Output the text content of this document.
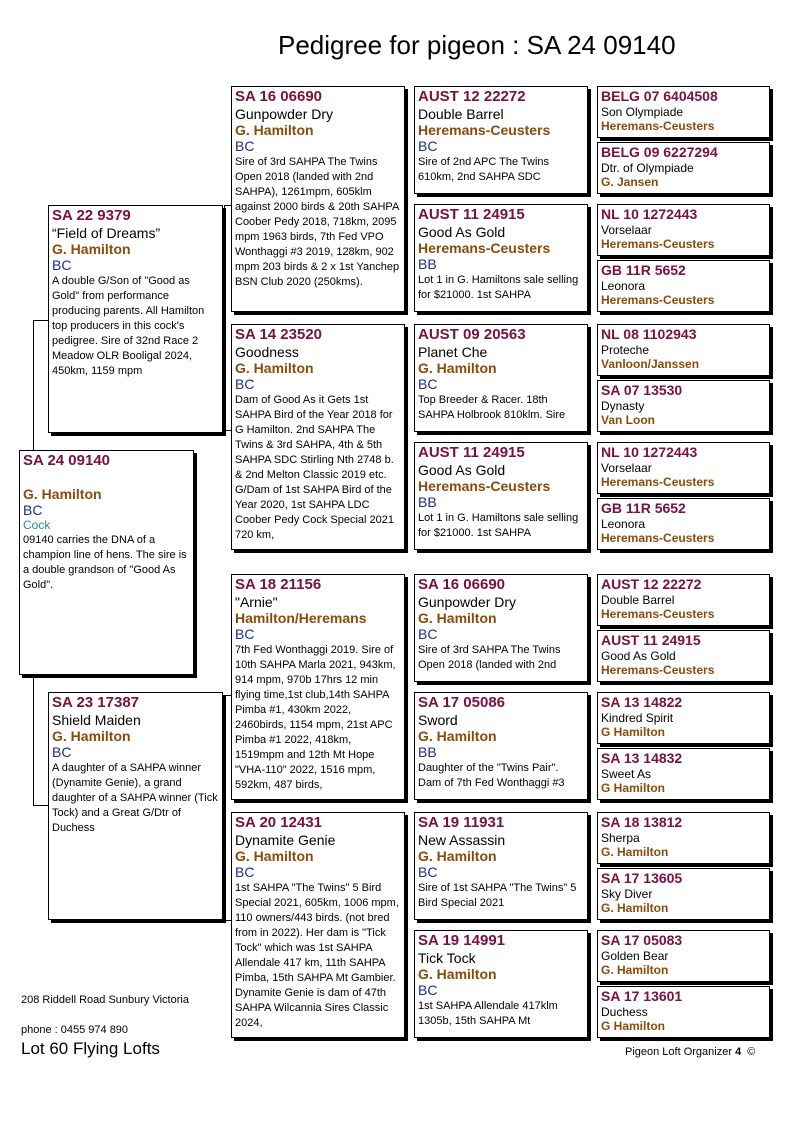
Pedigree for pigeon : SA 24 09140
SA 24 09140
G. Hamilton
BC
Cock
09140 carries the DNA of a champion line of hens. The sire is a double grandson of "Good As Gold".
SA 22 9379
“Field of Dreams”
G. Hamilton
BC
A double G/Son of "Good as Gold" from performance producing parents. All Hamilton top producers in this cock's pedigree. Sire of 32nd Race 2 Meadow OLR Booligal 2024, 450km, 1159 mpm
SA 23 17387
Shield Maiden
G. Hamilton
BC
A daughter of a SAHPA winner (Dynamite Genie), a grand daughter of a SAHPA winner (Tick Tock) and a Great G/Dtr of Duchess
SA 16 06690
Gunpowder Dry
G. Hamilton
BC
Sire of 3rd SAHPA The Twins Open 2018 (landed with 2nd SAHPA), 1261mpm, 605klm against 2000 birds & 20th SAHPA Coober Pedy 2018, 718km, 2095 mpm 1963 birds, 7th Fed VPO Wonthaggi #3 2019, 128km, 902 mpm 203 birds & 2 x 1st Yanchep BSN Club 2020 (250kms).
SA 14 23520
Goodness
G. Hamilton
BC
Dam of Good As it Gets 1st SAHPA Bird of the Year 2018 for G Hamilton. 2nd SAHPA The Twins & 3rd SAHPA, 4th & 5th SAHPA SDC Stirling Nth 2748 b. & 2nd Melton Classic 2019 etc. G/Dam of 1st SAHPA Bird of the Year 2020, 1st SAHPA LDC Coober Pedy Cock Special 2021 720 km,
SA 18 21156
"Arnie"
Hamilton/Heremans
BC
7th Fed Wonthaggi 2019. Sire of 10th SAHPA Marla 2021, 943km, 914 mpm, 970b 17hrs 12 min flying time,1st club,14th SAHPA Pimba #1, 430km 2022, 2460birds, 1154 mpm, 21st APC Pimba #1 2022, 418km, 1519mpm and 12th Mt Hope "VHA-110" 2022, 1516 mpm, 592km, 487 birds,
SA 20 12431
Dynamite Genie
G. Hamilton
BC
1st SAHPA "The Twins" 5 Bird Special 2021, 605km, 1006 mpm, 110 owners/443 birds. (not bred from in 2022). Her dam is "Tick Tock" which was 1st SAHPA Allendale 417 km, 11th SAHPA Pimba, 15th SAHPA Mt Gambier. Dynamite Genie is dam of 47th SAHPA Wilcannia Sires Classic 2024,
AUST 12 22272
Double Barrel
Heremans-Ceusters
BC
Sire of 2nd APC The Twins 610km, 2nd SAHPA SDC
AUST 11 24915
Good As Gold
Heremans-Ceusters
BB
Lot 1 in G. Hamiltons sale selling for $21000. 1st SAHPA
AUST 09 20563
Planet Che
G. Hamilton
BC
Top Breeder & Racer. 18th SAHPA Holbrook 810klm. Sire
AUST 11 24915
Good As Gold
Heremans-Ceusters
BB
Lot 1 in G. Hamiltons sale selling for $21000. 1st SAHPA
SA 16 06690
Gunpowder Dry
G. Hamilton
BC
Sire of 3rd SAHPA The Twins Open 2018 (landed with 2nd
SA 17 05086
Sword
G. Hamilton
BB
Daughter of the "Twins Pair". Dam of 7th Fed Wonthaggi #3
SA 19 11931
New Assassin
G. Hamilton
BC
Sire of 1st SAHPA "The Twins" 5 Bird Special 2021
SA 19 14991
Tick Tock
G. Hamilton
BC
1st SAHPA Allendale 417klm 1305b, 15th SAHPA Mt
BELG 07 6404508
Son Olympiade
Heremans-Ceusters
BELG 09 6227294
Dtr. of Olympiade
G. Jansen
NL 10 1272443
Vorselaar
Heremans-Ceusters
GB 11R 5652
Leonora
Heremans-Ceusters
NL 08 1102943
Proteche
Vanloon/Janssen
SA 07 13530
Dynasty
Van Loon
NL 10 1272443
Vorselaar
Heremans-Ceusters
GB 11R 5652
Leonora
Heremans-Ceusters
AUST 12 22272
Double Barrel
Heremans-Ceusters
AUST 11 24915
Good As Gold
Heremans-Ceusters
SA 13 14822
Kindred Spirit
G Hamilton
SA 13 14832
Sweet As
G Hamilton
SA 18 13812
Sherpa
G. Hamilton
SA 17 13605
Sky Diver
G. Hamilton
SA 17 05083
Golden Bear
G. Hamilton
SA 17 13601
Duchess
G Hamilton
208 Riddell Road Sunbury Victoria
phone : 0455 974 890
Lot 60 Flying Lofts	Pigeon Loft Organizer 4 ©
